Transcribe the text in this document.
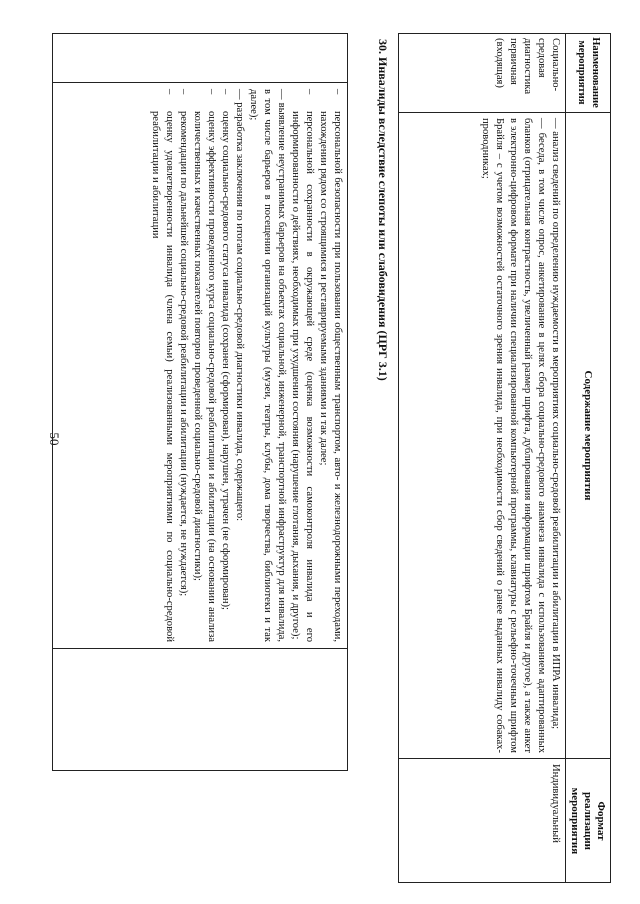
50
–
персональной безопасности при пользовании общественным транспортом, авто- и железнодорожными переходами, нахождении рядом со строящимися и реставрируемыми зданиями и так далее;
–
персональной сохранности в окружающей среде (оценка возможности самоконтроля инвалида и его информированности о действиях, необходимых при ухудшении состояния (нарушение глотания, дыхания, и другое);
— выявление неустранимых барьеров на объектах социальной, инженерной, транспортной инфраструктур для инвалида, в том числе барьеров в посещении организаций культуры (музеи, театры, клубы, дома творчества, библиотеки и так далее);
— разработка заключения по итогам социально-средовой диагностики инвалида, содержащего:
–
оценку социально-средового статуса инвалида (сохранен (сформирован), нарушен, утрачен (не сформирован);
–
оценку эффективности проведенного курса социально-средовой реабилитации и абилитации (на основании анализа количественных и качественных показателей повторно проведенной социально-средовой диагностики);
–
рекомендации по дальнейшей социально-средовой реабилитации и абилитации (нуждается, не нуждается);
–
оценку удовлетворенности инвалида (члена семьи) реализованными мероприятиями по социально-средовой реабилитации и абилитации	30. Инвалиды вследствие слепоты или слабовидения (ЦРГ 3.1)	Наименование
мероприятия
Содержание мероприятия
Формат
реализации
мероприятия
Социально-
средовая
диагностика
первичная
(входящая)
— анализ сведений по определению нуждаемости в мероприятиях социально-средовой реабилитации и абилитации в ИПРА инвалида;
— беседа, в том числе опрос, анкетирование в целях сбора социально-средового анамнеза инвалида с использованием адаптированных бланков (отрицательная контрастность, увеличенный размер шрифта, дублирования информации шрифтом Брайля и другое), а также анкет в электронно-цифровом формате при наличии специализированной компьютерной программы, клавиатуры с рельефно-точечным шрифтом Брайля – с учетом возможностей остаточного зрения инвалида, при необходимости сбор сведений о ранее выданных инвалиду собаках-проводниках;
Индивидуальный
